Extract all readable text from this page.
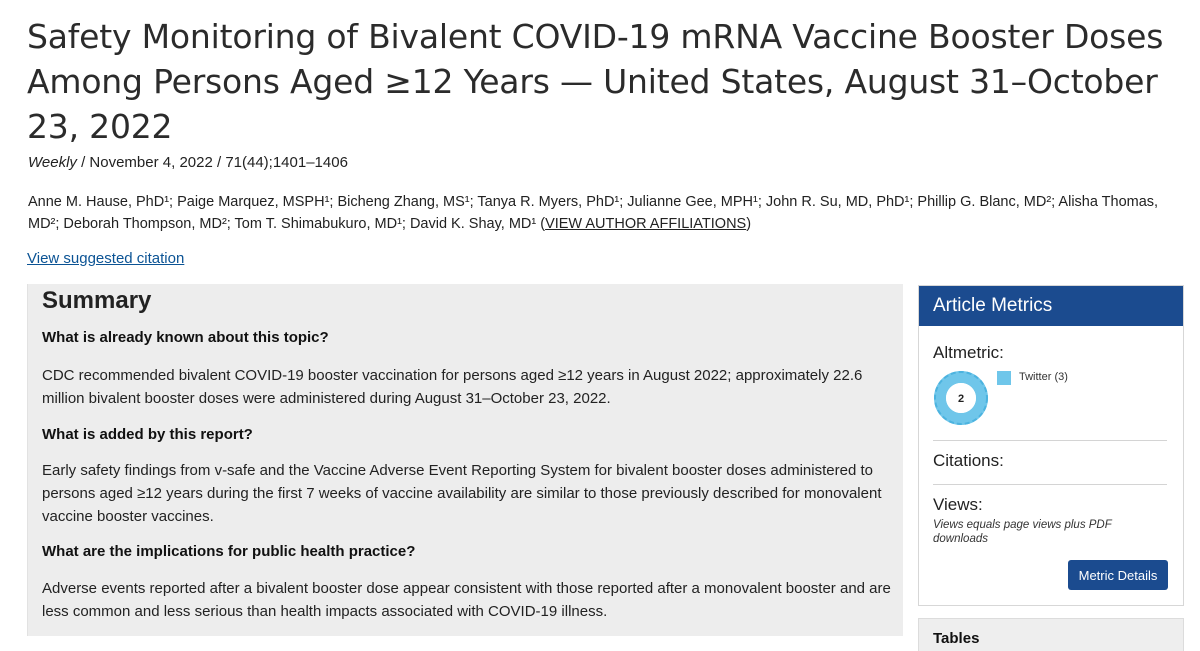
Safety Monitoring of Bivalent COVID-19 mRNA Vaccine Booster Doses Among Persons Aged ≥12 Years — United States, August 31–October 23, 2022
Weekly / November 4, 2022 / 71(44);1401–1406
Anne M. Hause, PhD¹; Paige Marquez, MSPH¹; Bicheng Zhang, MS¹; Tanya R. Myers, PhD¹; Julianne Gee, MPH¹; John R. Su, MD, PhD¹; Phillip G. Blanc, MD²; Alisha Thomas, MD²; Deborah Thompson, MD²; Tom T. Shimabukuro, MD¹; David K. Shay, MD¹ (VIEW AUTHOR AFFILIATIONS)
View suggested citation
Summary

What is already known about this topic?

CDC recommended bivalent COVID-19 booster vaccination for persons aged ≥12 years in August 2022; approximately 22.6 million bivalent booster doses were administered during August 31–October 23, 2022.

What is added by this report?

Early safety findings from v-safe and the Vaccine Adverse Event Reporting System for bivalent booster doses administered to persons aged ≥12 years during the first 7 weeks of vaccine availability are similar to those previously described for monovalent vaccine booster vaccines.

What are the implications for public health practice?

Adverse events reported after a bivalent booster dose appear consistent with those reported after a monovalent booster and are less common and less serious than health impacts associated with COVID-19 illness.

Article Metrics
Altmetric:
2
Twitter (3)
Citations:
Views:
Views equals page views plus PDF downloads
Metric Details
Tables
